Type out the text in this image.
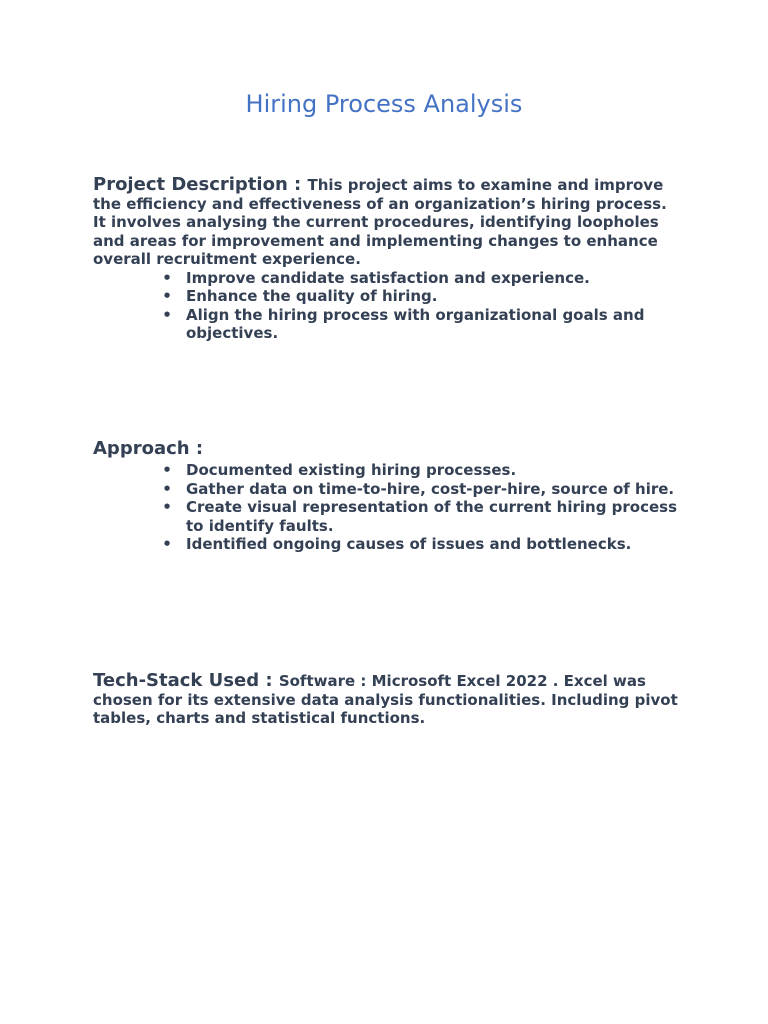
Hiring Process Analysis

Project Description : This project aims to examine and improve the efficiency and effectiveness of an organization’s hiring process. It involves analysing the current procedures, identifying loopholes and areas for improvement and implementing changes to enhance overall recruitment experience.

• Improve candidate satisfaction and experience.
• Enhance the quality of hiring.
• Align the hiring process with organizational goals and objectives.

Approach :

• Documented existing hiring processes.
• Gather data on time-to-hire, cost-per-hire, source of hire.
• Create visual representation of the current hiring process to identify faults.
• Identified ongoing causes of issues and bottlenecks.

Tech-Stack Used : Software : Microsoft Excel 2022 . Excel was chosen for its extensive data analysis functionalities. Including pivot tables, charts and statistical functions.
